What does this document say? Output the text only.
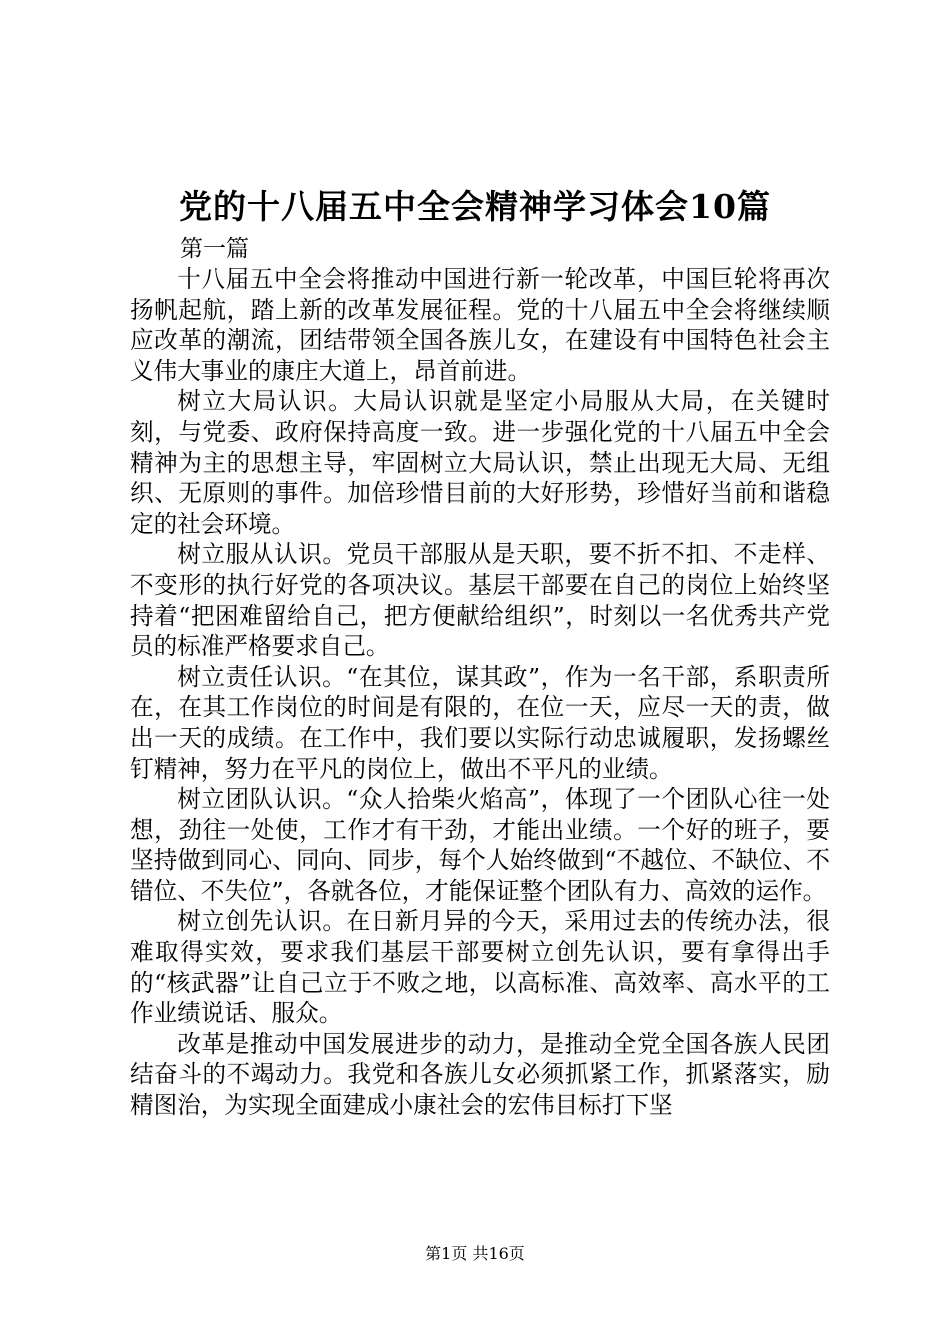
党的十八届五中全会精神学习体会10篇

第一篇

十八届五中全会将推动中国进行新一轮改革，中国巨轮将再次扬帆起航，踏上新的改革发展征程。党的十八届五中全会将继续顺应改革的潮流，团结带领全国各族儿女，在建设有中国特色社会主义伟大事业的康庄大道上，昂首前进。

树立大局认识。大局认识就是坚定小局服从大局，在关键时刻，与党委、政府保持高度一致。进一步强化党的十八届五中全会精神为主的思想主导，牢固树立大局认识，禁止出现无大局、无组织、无原则的事件。加倍珍惜目前的大好形势，珍惜好当前和谐稳定的社会环境。

树立服从认识。党员干部服从是天职，要不折不扣、不走样、不变形的执行好党的各项决议。基层干部要在自己的岗位上始终坚持着“把困难留给自己，把方便献给组织”，时刻以一名优秀共产党员的标准严格要求自己。

树立责任认识。“在其位，谋其政”，作为一名干部，系职责所在，在其工作岗位的时间是有限的，在位一天，应尽一天的责，做出一天的成绩。在工作中，我们要以实际行动忠诚履职，发扬螺丝钉精神，努力在平凡的岗位上，做出不平凡的业绩。

树立团队认识。“众人拾柴火焰高”，体现了一个团队心往一处想，劲往一处使，工作才有干劲，才能出业绩。一个好的班子，要坚持做到同心、同向、同步，每个人始终做到“不越位、不缺位、不错位、不失位”，各就各位，才能保证整个团队有力、高效的运作。

树立创先认识。在日新月异的今天，采用过去的传统办法，很难取得实效，要求我们基层干部要树立创先认识，要有拿得出手的“核武器”让自己立于不败之地，以高标准、高效率、高水平的工作业绩说话、服众。

改革是推动中国发展进步的动力，是推动全党全国各族人民团结奋斗的不竭动力。我党和各族儿女必须抓紧工作，抓紧落实，励精图治，为实现全面建成小康社会的宏伟目标打下坚

第1页 共16页
